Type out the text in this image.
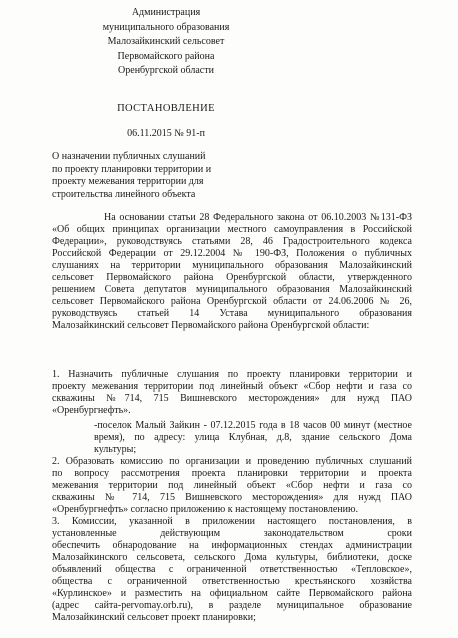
Администрация
муниципального образования
Малозайкинский сельсовет
Первомайского района
Оренбургской области
ПОСТАНОВЛЕНИЕ
06.11.2015 № 91-п
О назначении публичных слушаний
по проекту планировки территории и
проекту межевания территории для
строительства линейного объекта
На основании статьи 28 Федерального закона от 06.10.2003 №131-ФЗ
«Об общих принципах организации местного самоуправления в Российской
Федерации», руководствуясь статьями 28, 46 Градостроительного кодекса
Российской Федерации от 29.12.2004 № 190-ФЗ, Положения о публичных
слушаниях на территории муниципального образования Малозайкинский
сельсовет Первомайского района Оренбургской области, утвержденного
решением Совета депутатов муниципального образования Малозайкинский
сельсовет Первомайского района Оренбургской области от 24.06.2006 № 26,
руководствуясь статьей 14 Устава муниципального образования
Малозайкинский сельсовет Первомайского района Оренбургской области:
1. Назначить публичные слушания по проекту планировки территории и
проекту межевания территории под линейный объект «Сбор нефти и газа со
скважины №714, 715 Вишневского месторождения» для нужд ПАО
«Оренбургнефть».
-поселок Малый Зайкин - 07.12.2015 года в 18 часов 00 минут (местное
время), по адресу: улица Клубная, д.8, здание сельского Дома
культуры;
2. Образовать комиссию по организации и проведению публичных слушаний
по вопросу рассмотрения проекта планировки территории и проекта
межевания территории под линейный объект «Сбор нефти и газа со
скважины № 714, 715 Вишневского месторождения» для нужд ПАО
«Оренбургнефть» согласно приложению к настоящему постановлению.
3. Комиссии, указанной в приложении настоящего постановления, в
установленные действующим законодательством сроки
обеспечить обнародование на информационных стендах администрации
Малозайкинского сельсовета, сельского Дома культуры, библиотеки, доске
объявлений общества с ограниченной ответственностью «Тепловское»,
общества с ограниченной ответственностью крестьянского хозяйства
«Курлинское» и разместить на официальном сайте Первомайского района
(адрес сайта-pervomay.orb.ru), в разделе муниципальное образование
Малозайкинский сельсовет проект планировки;
